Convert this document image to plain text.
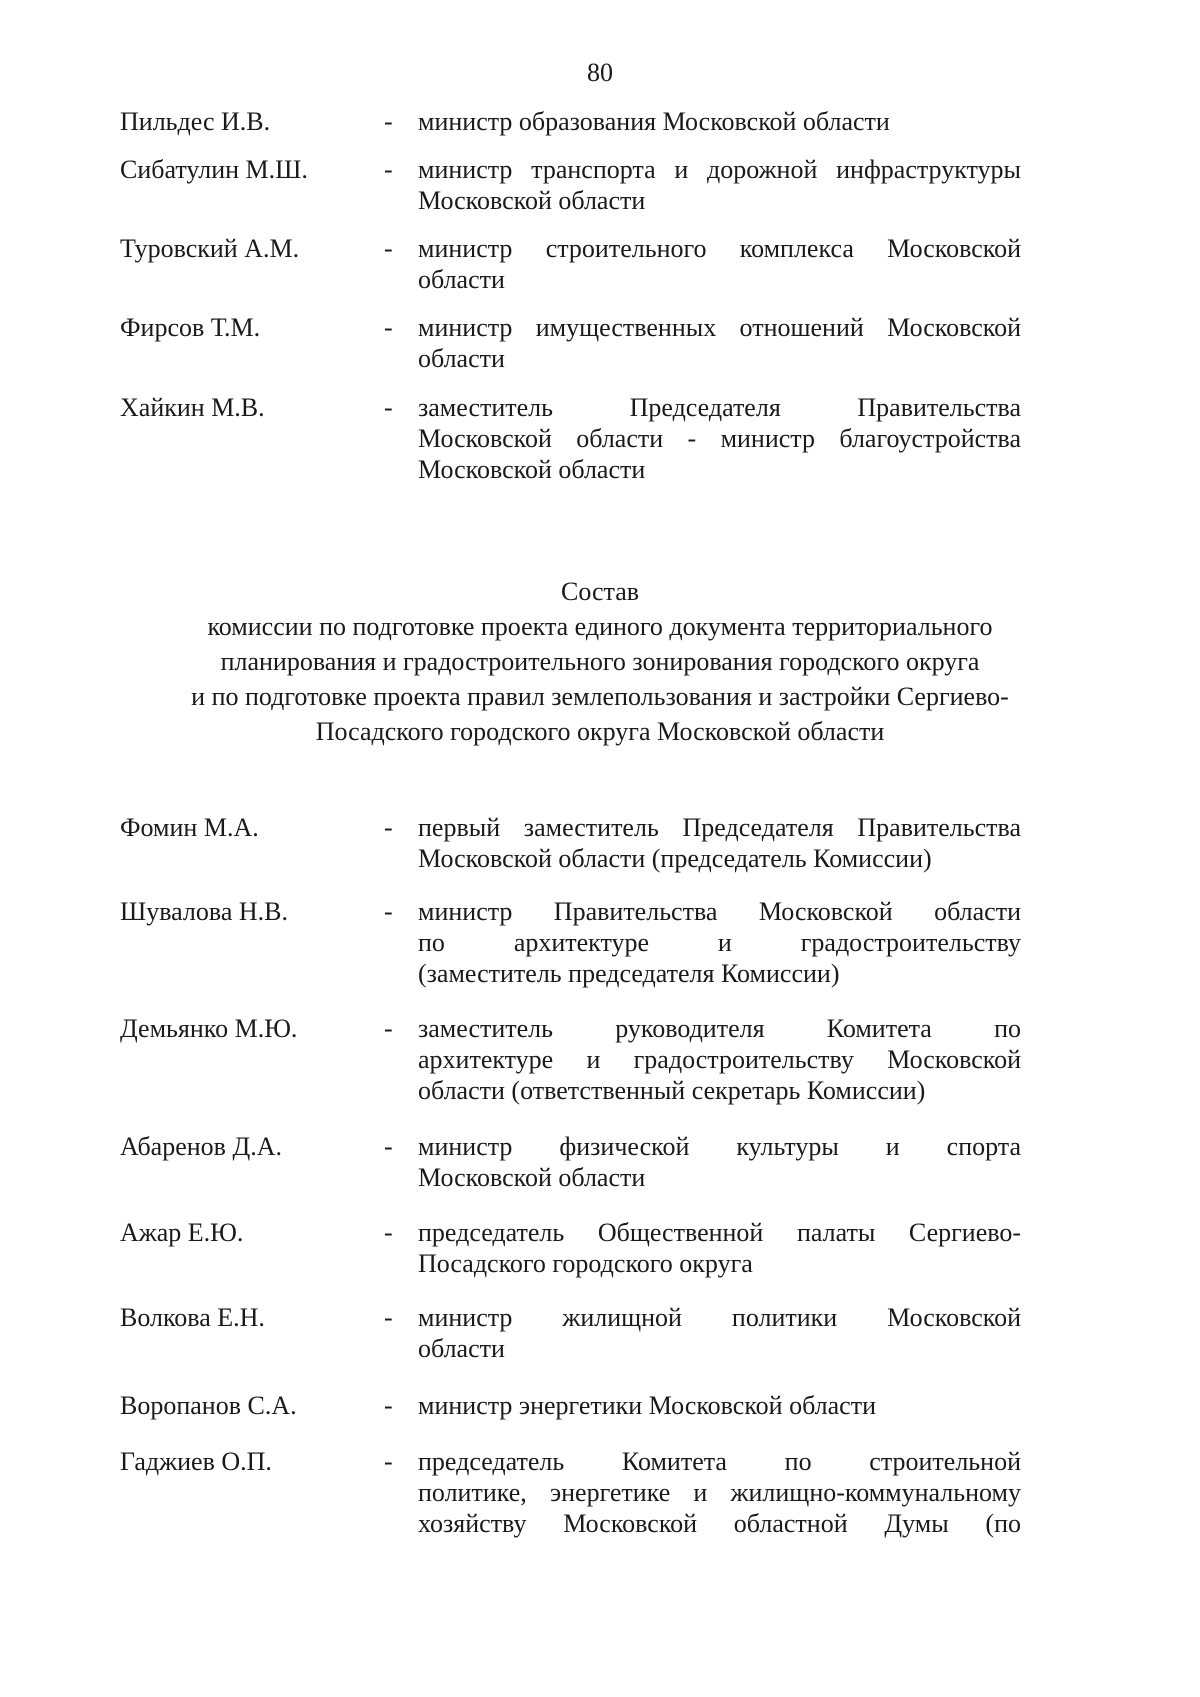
80
Пильдес И.В.	- министр образования Московской области
Сибатулин М.Ш.	- министр транспорта и дорожной инфраструктуры
Московской области
Туровский А.М.	- министр строительного комплекса Московской
области
Фирсов Т.М.	- министр имущественных отношений Московской
области
Хайкин М.В.	- заместитель Председателя Правительства
Московской области - министр благоустройства
Московской области
Состав
комиссии по подготовке проекта единого документа территориального
планирования и градостроительного зонирования городского округа
и по подготовке проекта правил землепользования и застройки Сергиево-
Посадского городского округа Московской области
Фомин М.А.	- первый заместитель Председателя Правительства
Московской области (председатель Комиссии)
Шувалова Н.В.	- министр Правительства Московской области
по архитектуре и градостроительству
(заместитель председателя Комиссии)
Демьянко М.Ю.	- заместитель руководителя Комитета по
архитектуре и градостроительству Московской
области (ответственный секретарь Комиссии)
Абаренов Д.А.	- министр физической культуры и спорта
Московской области
Ажар Е.Ю.	- председатель Общественной палаты Сергиево-
Посадского городского округа
Волкова Е.Н.	- министр жилищной политики Московской
области
Воропанов С.А.	- министр энергетики Московской области
Гаджиев О.П.	- председатель Комитета по строительной
политике, энергетике и жилищно-коммунальному
хозяйству Московской областной Думы (по
